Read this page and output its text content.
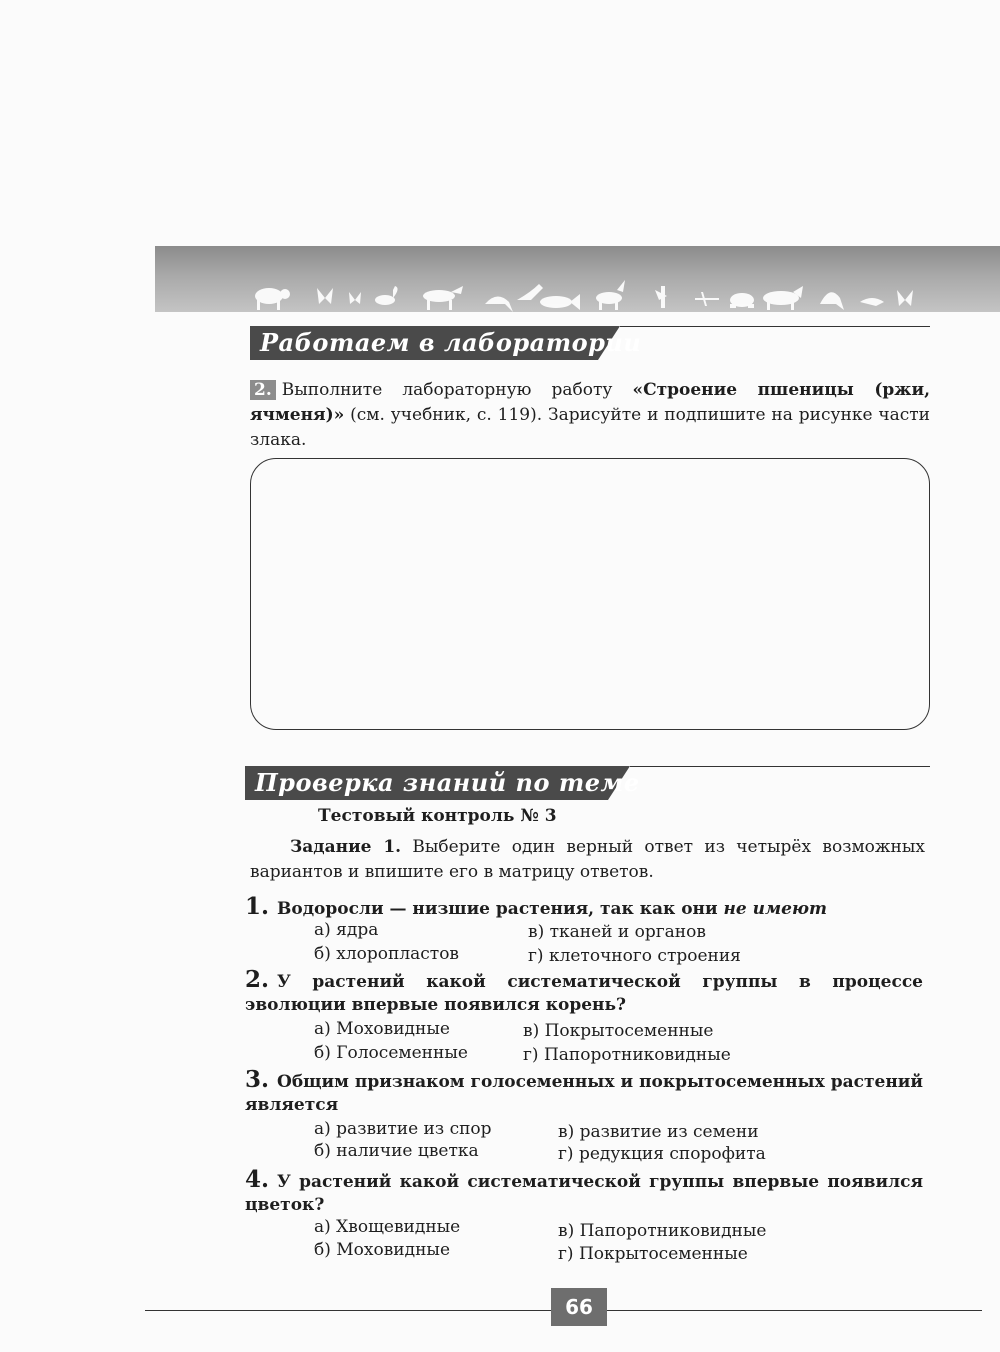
Работаем в лаборатории
2. Выполните лабораторную работу «Строение пшеницы (ржи, ячменя)» (см. учебник, с. 119). Зарисуйте и подпишите на рисунке части злака.
Проверка знаний по теме
Тестовый контроль № 3
Задание 1. Выберите один верный ответ из четырёх возможных вариантов и впишите его в матрицу ответов.
1. Водоросли — низшие растения, так как они не имеют
а) ядра
б) хлоропластов
в) тканей и органов
г) клеточного строения
2. У растений какой систематической группы в процессе эволюции впервые появился корень?
а) Моховидные
б) Голосеменные
в) Покрытосеменные
г) Папоротниковидные
3. Общим признаком голосеменных и покрытосеменных растений является
а) развитие из спор
б) наличие цветка
в) развитие из семени
г) редукция спорофита
4. У растений какой систематической группы впервые появился цветок?
а) Хвощевидные
б) Моховидные
в) Папоротниковидные
г) Покрытосеменные
66
